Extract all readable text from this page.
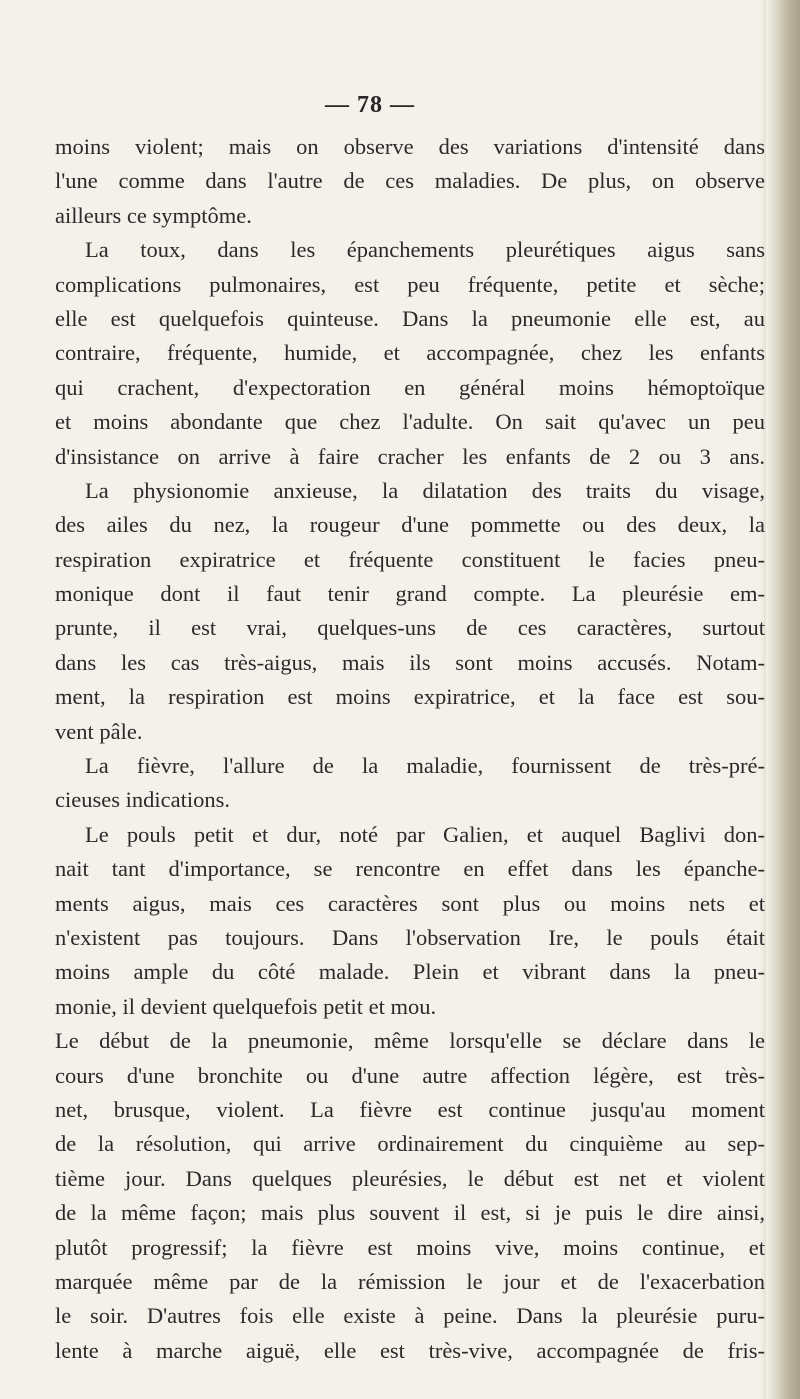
— 78 —
moins violent; mais on observe des variations d'intensité dans
l'une comme dans l'autre de ces maladies. De plus, on observe
ailleurs ce symptôme.
La toux, dans les épanchements pleurétiques aigus sans
complications pulmonaires, est peu fréquente, petite et sèche;
elle est quelquefois quinteuse. Dans la pneumonie elle est, au
contraire, fréquente, humide, et accompagnée, chez les enfants
qui crachent, d'expectoration en général moins hémoptoïque
et moins abondante que chez l'adulte. On sait qu'avec un peu
d'insistance on arrive à faire cracher les enfants de 2 ou 3 ans.
La physionomie anxieuse, la dilatation des traits du visage,
des ailes du nez, la rougeur d'une pommette ou des deux, la
respiration expiratrice et fréquente constituent le facies pneu-
monique dont il faut tenir grand compte. La pleurésie em-
prunte, il est vrai, quelques-uns de ces caractères, surtout
dans les cas très-aigus, mais ils sont moins accusés. Notam-
ment, la respiration est moins expiratrice, et la face est sou-
vent pâle.
La fièvre, l'allure de la maladie, fournissent de très-pré-
cieuses indications.
Le pouls petit et dur, noté par Galien, et auquel Baglivi don-
nait tant d'importance, se rencontre en effet dans les épanche-
ments aigus, mais ces caractères sont plus ou moins nets et
n'existent pas toujours. Dans l'observation Ire, le pouls était
moins ample du côté malade. Plein et vibrant dans la pneu-
monie, il devient quelquefois petit et mou.
Le début de la pneumonie, même lorsqu'elle se déclare dans le
cours d'une bronchite ou d'une autre affection légère, est très-
net, brusque, violent. La fièvre est continue jusqu'au moment
de la résolution, qui arrive ordinairement du cinquième au sep-
tième jour. Dans quelques pleurésies, le début est net et violent
de la même façon; mais plus souvent il est, si je puis le dire ainsi,
plutôt progressif; la fièvre est moins vive, moins continue, et
marquée même par de la rémission le jour et de l'exacerbation
le soir. D'autres fois elle existe à peine. Dans la pleurésie puru-
lente à marche aiguë, elle est très-vive, accompagnée de fris-
